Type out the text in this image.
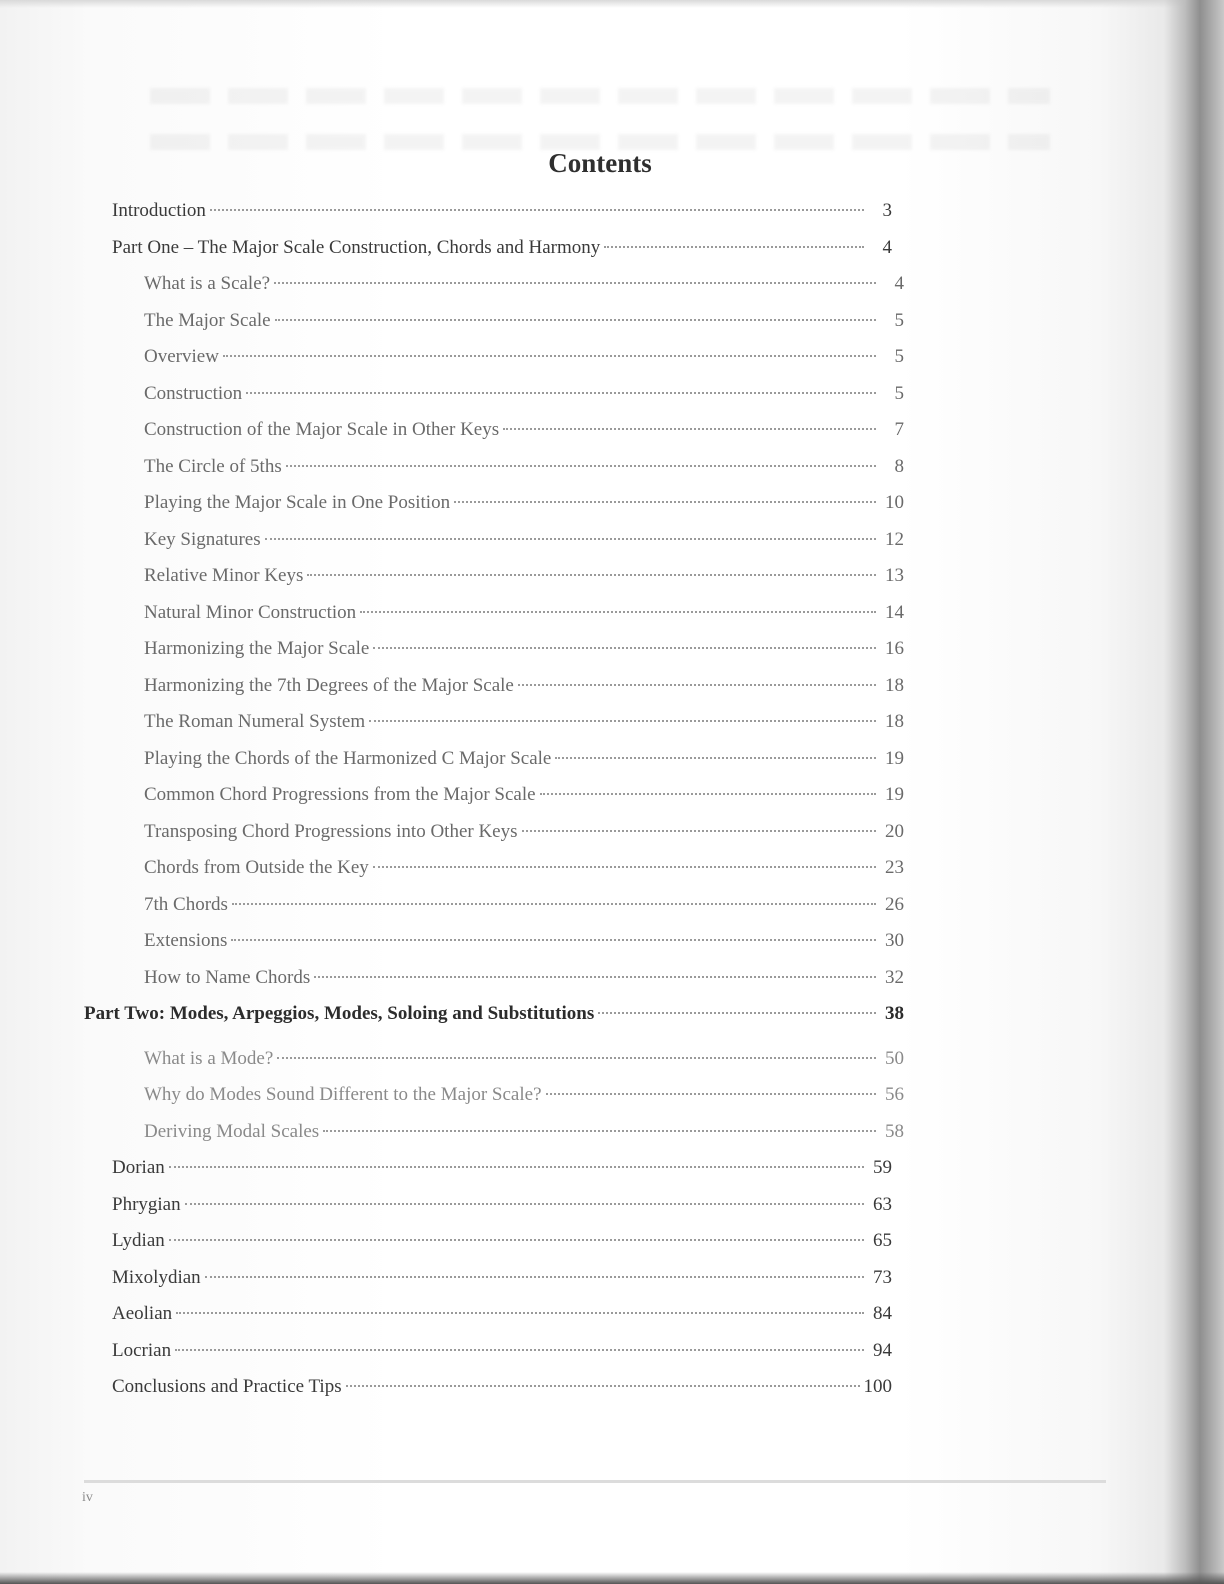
Contents
Introduction	3
Part One – The Major Scale Construction, Chords and Harmony	4
What is a Scale?	4
The Major Scale	5
Overview	5
Construction	5
Construction of the Major Scale in Other Keys	7
The Circle of 5ths	8
Playing the Major Scale in One Position	10
Key Signatures	12
Relative Minor Keys	13
Natural Minor Construction	14
Harmonizing the Major Scale	16
Harmonizing the 7th Degrees of the Major Scale	18
The Roman Numeral System	18
Playing the Chords of the Harmonized C Major Scale	19
Common Chord Progressions from the Major Scale	19
Transposing Chord Progressions into Other Keys	20
Chords from Outside the Key	23
7th Chords	26
Extensions	30
How to Name Chords	32
Part Two: Modes, Arpeggios, Modes, Soloing and Substitutions	38
What is a Mode?	50
Why do Modes Sound Different to the Major Scale?	56
Deriving Modal Scales	58
Dorian	59
Phrygian	63
Lydian	65
Mixolydian	73
Aeolian	84
Locrian	94
Conclusions and Practice Tips	100
iv
